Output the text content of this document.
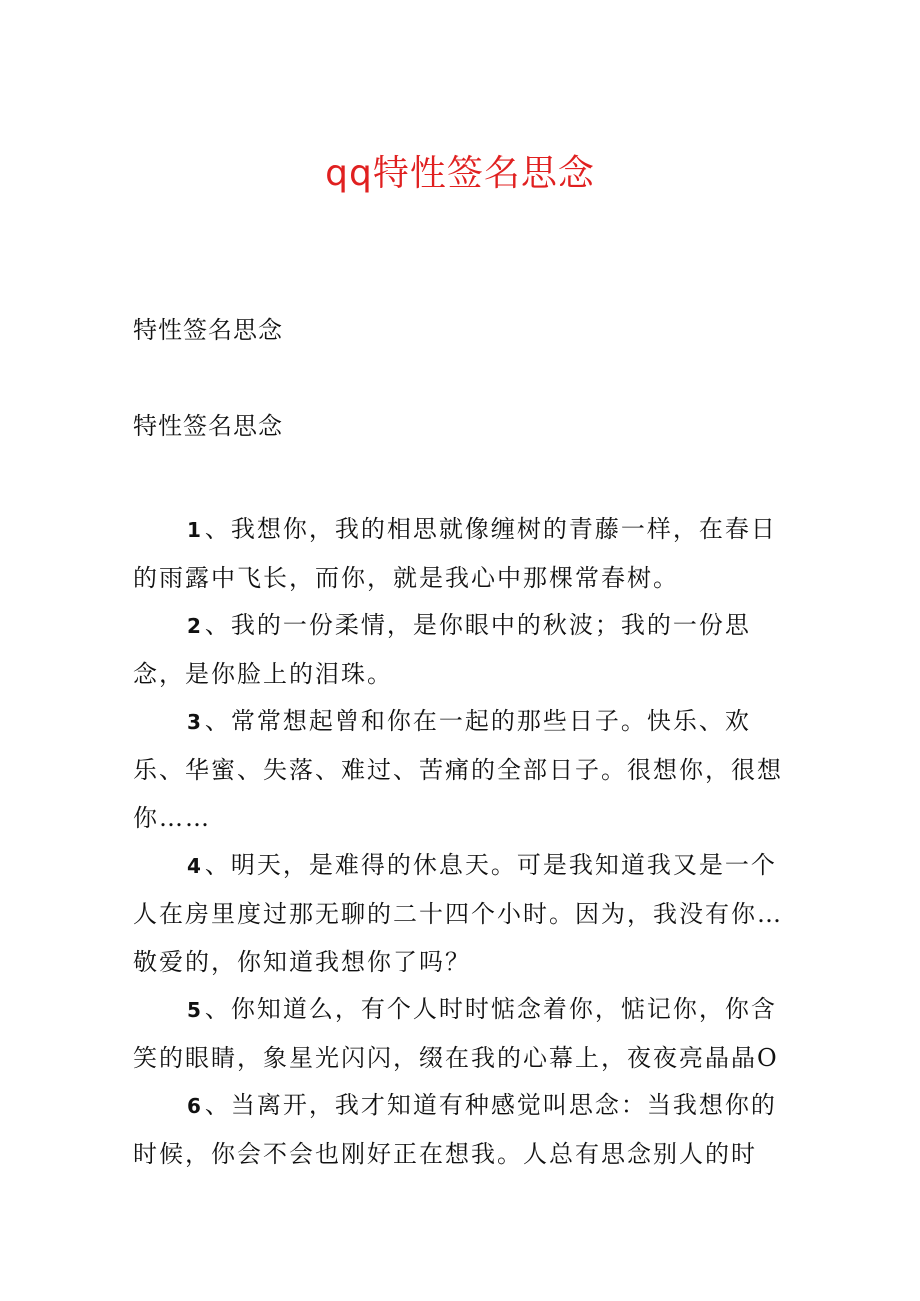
qq特性签名思念
特性签名思念
特性签名思念

1、我想你，我的相思就像缠树的青藤一样，在春日的雨露中飞长，而你，就是我心中那棵常春树。

2、我的一份柔情，是你眼中的秋波；我的一份思念，是你脸上的泪珠。

3、常常想起曾和你在一起的那些日子。快乐、欢乐、华蜜、失落、难过、苦痛的全部日子。很想你，很想你……

4、明天，是难得的休息天。可是我知道我又是一个人在房里度过那无聊的二十四个小时。因为，我没有你…敬爱的，你知道我想你了吗？

5、你知道么，有个人时时惦念着你，惦记你，你含笑的眼睛，象星光闪闪，缀在我的心幕上，夜夜亮晶晶O

6、当离开，我才知道有种感觉叫思念：当我想你的时候，你会不会也刚好正在想我。人总有思念别人的时
